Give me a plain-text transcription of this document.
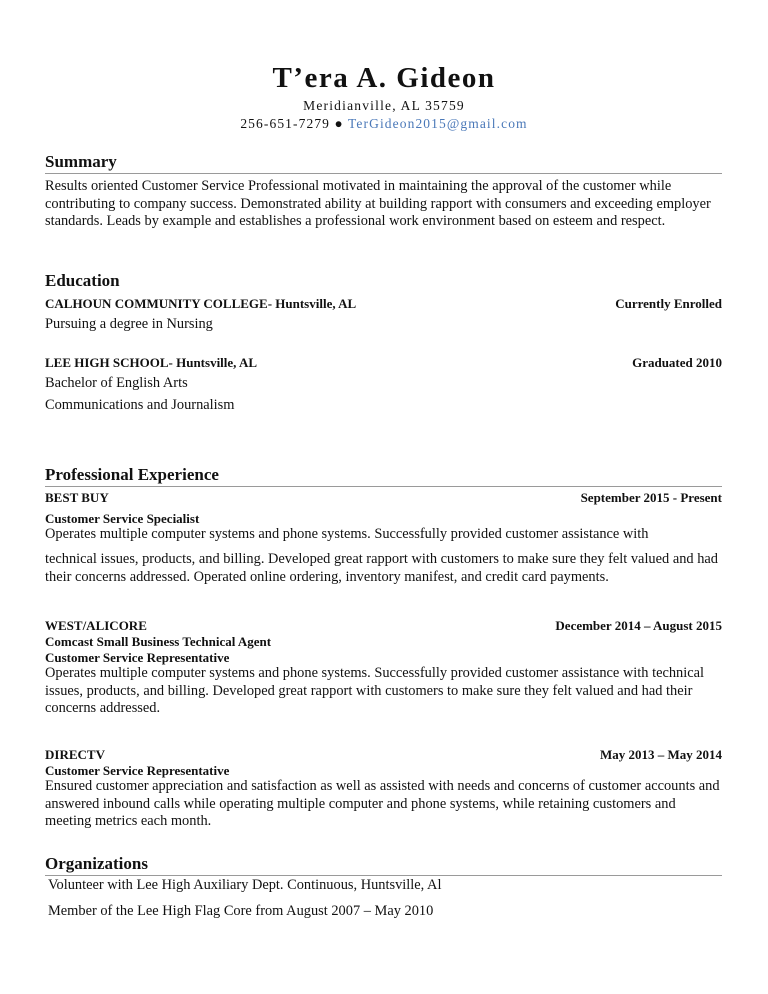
T’era A. Gideon
Meridianville, AL 35759
256-651-7279 ● TerGideon2015@gmail.com
Summary

Results oriented Customer Service Professional motivated in maintaining the approval of the customer while contributing to company success. Demonstrated ability at building rapport with consumers and exceeding employer standards. Leads by example and establishes a professional work environment based on esteem and respect.

Education
CALHOUN COMMUNITY COLLEGE- Huntsville, AL	Currently Enrolled
Pursuing a degree in Nursing
LEE HIGH SCHOOL- Huntsville, AL	Graduated 2010
Bachelor of English Arts
Communications and Journalism
Professional Experience
BEST BUY	September 2015 - Present
Customer Service Specialist
Operates multiple computer systems and phone systems. Successfully provided customer assistance with

technical issues, products, and billing. Developed great rapport with customers to make sure they felt valued and had their concerns addressed. Operated online ordering, inventory manifest, and credit card payments.

WEST/ALICORE	December 2014 – August 2015
Comcast Small Business Technical Agent
Customer Service Representative

Operates multiple computer systems and phone systems. Successfully provided customer assistance with technical issues, products, and billing. Developed great rapport with customers to make sure they felt valued and had their concerns addressed.

DIRECTV	May 2013 – May 2014
Customer Service Representative

Ensured customer appreciation and satisfaction as well as assisted with needs and concerns of customer accounts and answered inbound calls while operating multiple computer and phone systems, while retaining customers and meeting metrics each month.

Organizations
Volunteer with Lee High Auxiliary Dept. Continuous, Huntsville, Al
Member of the Lee High Flag Core from August 2007 – May 2010
